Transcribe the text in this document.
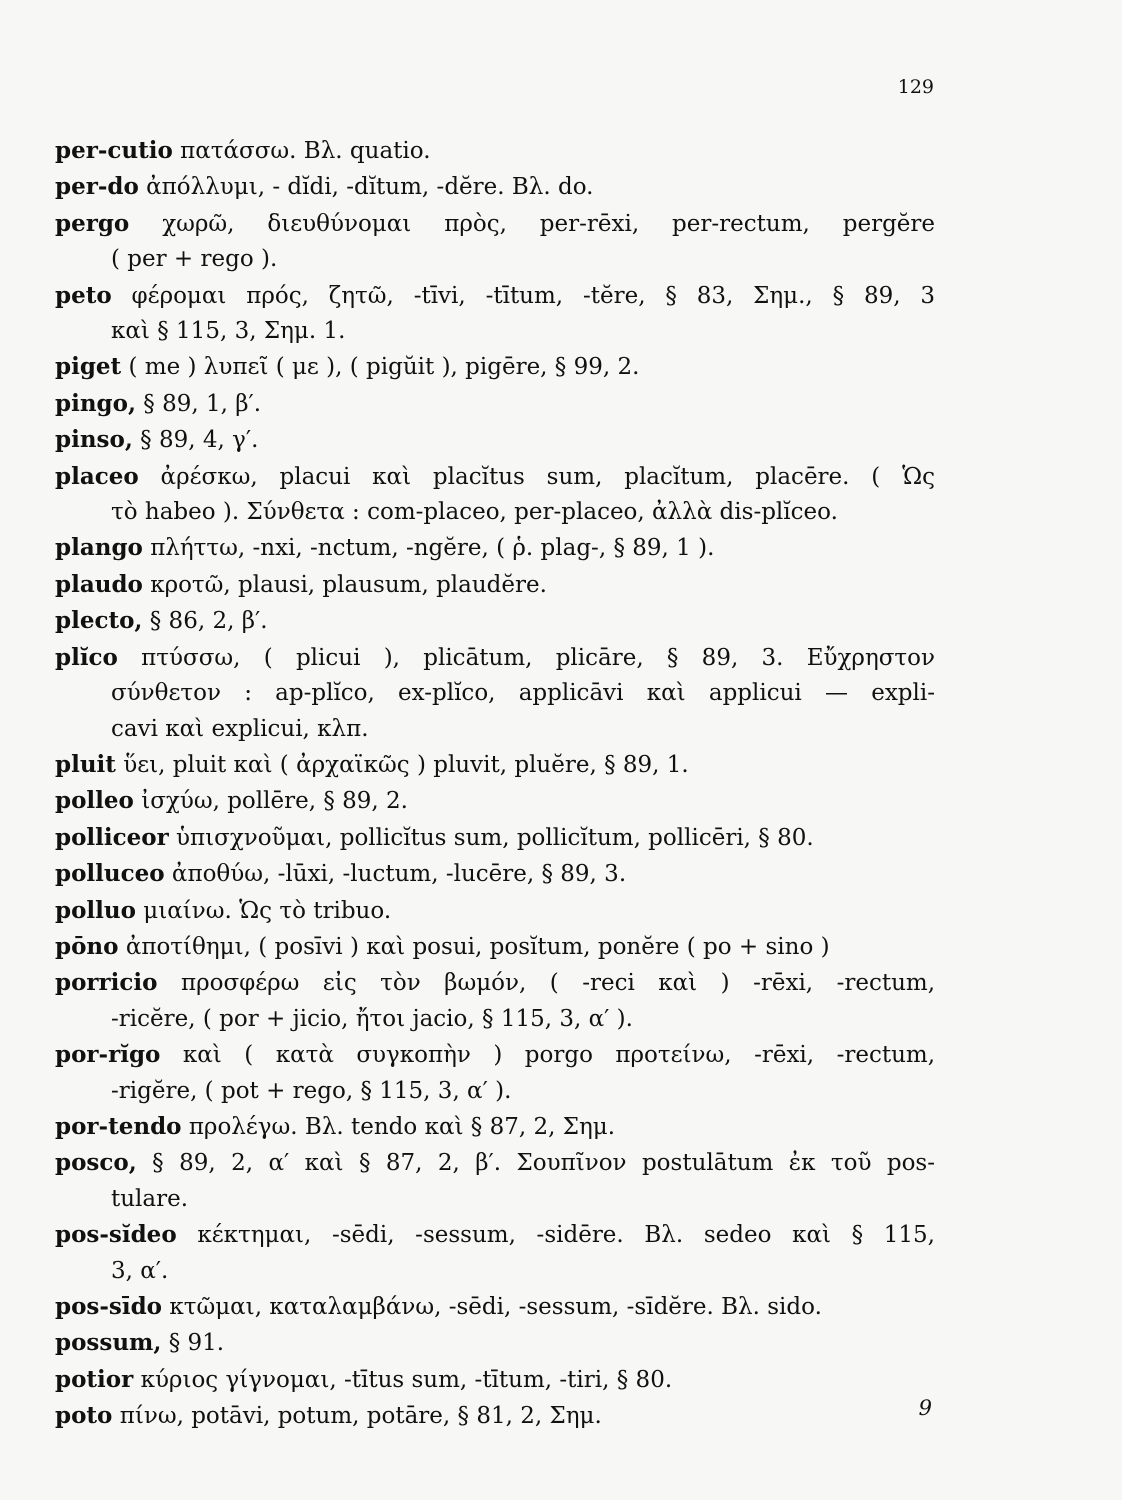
129
per-cutio πατάσσω. Βλ. quatio.
per-do ἀπόλλυμι, - dĭdi, -dĭtum, -dĕre. Βλ. do.
pergo χωρῶ, διευθύνομαι πρὸς, per-rēxi, per-rectum, pergĕre
( per + rego ).
peto φέρομαι πρός, ζητῶ, -tīvi, -tītum, -tĕre, § 83, Σημ., § 89, 3
καὶ § 115, 3, Σημ. 1.
piget ( me ) λυπεῖ ( με ), ( pigŭit ), pigēre, § 99, 2.
pingo, § 89, 1, β′.
pinso, § 89, 4, γ′.
placeo ἀρέσκω, placui καὶ placĭtus sum, placĭtum, placēre. ( Ὡς
τὸ habeo ). Σύνθετα : com-placeo, per-placeo, ἀλλὰ dis-plĭceo.
plango πλήττω, -nxi, -nctum, -ngĕre, ( ῥ. plag-, § 89, 1 ).
plaudo κροτῶ, plausi, plausum, plaudĕre.
plecto, § 86, 2, β′.
plĭco πτύσσω, ( plicui ), plicātum, plicāre, § 89, 3. Εὔχρηστον
σύνθετον : ap-plĭco, ex-plĭco, applicāvi καὶ applicui — expli-
cavi καὶ explicui, κλπ.
pluit ὕει, pluit καὶ ( ἀρχαϊκῶς ) pluvit, pluĕre, § 89, 1.
polleo ἰσχύω, pollēre, § 89, 2.
polliceor ὑπισχνοῦμαι, pollicĭtus sum, pollicĭtum, pollicēri, § 80.
polluceo ἀποθύω, -lūxi, -luctum, -lucēre, § 89, 3.
polluo μιαίνω. Ὡς τὸ tribuo.
pōno ἀποτίθημι, ( posīvi ) καὶ posui, posĭtum, ponĕre ( po + sino )
porricio προσφέρω εἰς τὸν βωμόν, ( -reci καὶ ) -rēxi, -rectum,
-ricĕre, ( por + jicio, ἤτοι jacio, § 115, 3, α′ ).
por-rĭgo καὶ ( κατὰ συγκοπὴν ) porgo προτείνω, -rēxi, -rectum,
-rigĕre, ( pot + rego, § 115, 3, α′ ).
por-tendo προλέγω. Βλ. tendo καὶ § 87, 2, Σημ.
posco, § 89, 2, α′ καὶ § 87, 2, β′. Σουπῖνον postulātum ἐκ τοῦ pos-
tulare.
pos-sĭdeo κέκτημαι, -sēdi, -sessum, -sidēre. Βλ. sedeo καὶ § 115,
3, α′.
pos-sīdo κτῶμαι, καταλαμβάνω, -sēdi, -sessum, -sīdĕre. Βλ. sido.
possum, § 91.
potior κύριος γίγνομαι, -tītus sum, -tītum, -tiri, § 80.
poto πίνω, potāvi, potum, potāre, § 81, 2, Σημ.	9
